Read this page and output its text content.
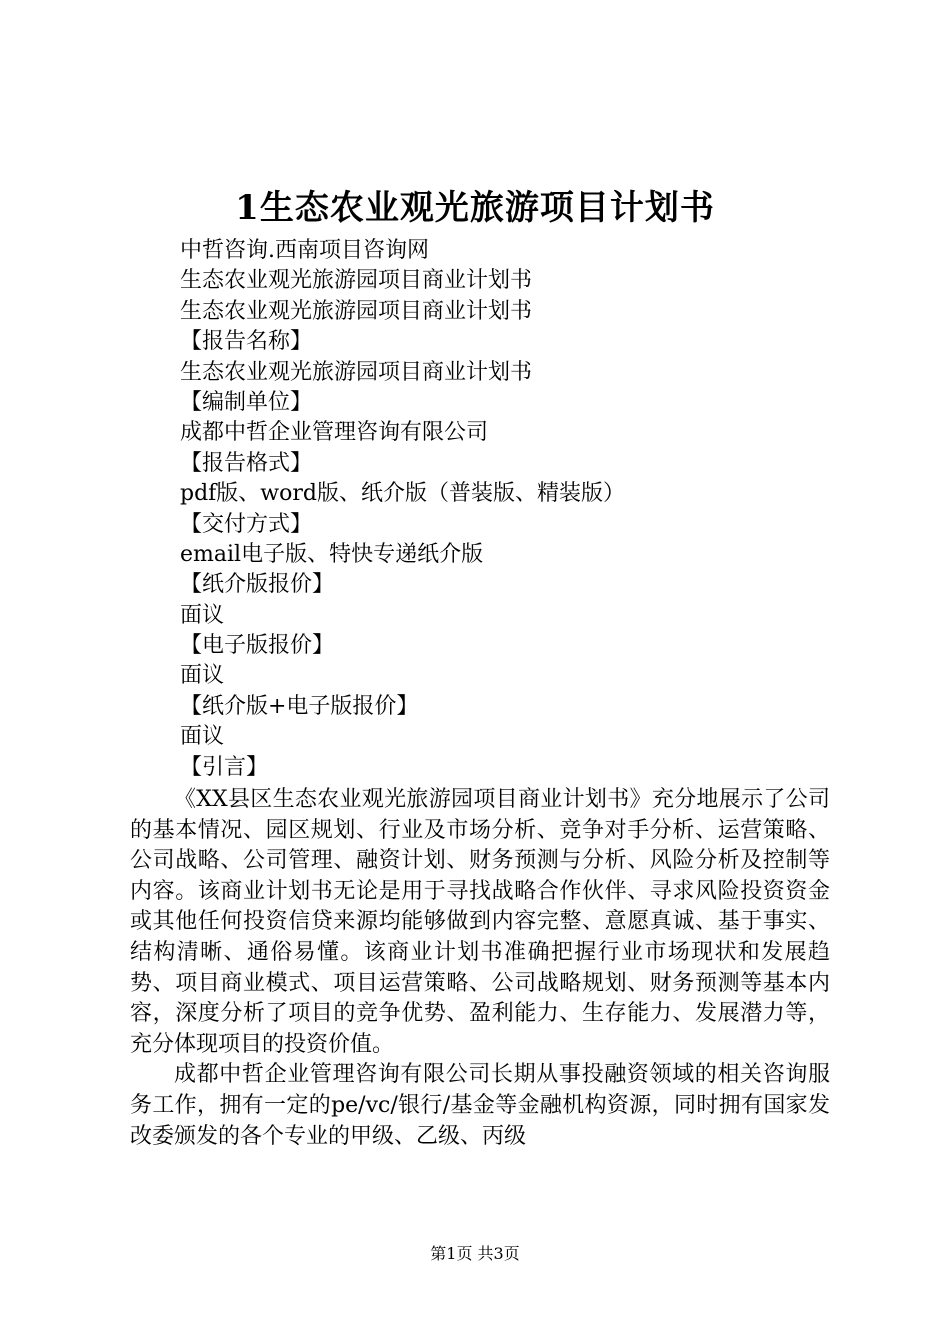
1生态农业观光旅游项目计划书
中哲咨询.西南项目咨询网
生态农业观光旅游园项目商业计划书
生态农业观光旅游园项目商业计划书
【报告名称】
生态农业观光旅游园项目商业计划书
【编制单位】
成都中哲企业管理咨询有限公司
【报告格式】
pdf版、word版、纸介版（普装版、精装版）
【交付方式】
email电子版、特快专递纸介版
【纸介版报价】
面议
【电子版报价】
面议
【纸介版+电子版报价】
面议
【引言】

《XX县区生态农业观光旅游园项目商业计划书》充分地展示了公司的基本情况、园区规划、行业及市场分析、竞争对手分析、运营策略、公司战略、公司管理、融资计划、财务预测与分析、风险分析及控制等内容。该商业计划书无论是用于寻找战略合作伙伴、寻求风险投资资金或其他任何投资信贷来源均能够做到内容完整、意愿真诚、基于事实、结构清晰、通俗易懂。该商业计划书准确把握行业市场现状和发展趋势、项目商业模式、项目运营策略、公司战略规划、财务预测等基本内容，深度分析了项目的竞争优势、盈利能力、生存能力、发展潜力等，充分体现项目的投资价值。

成都中哲企业管理咨询有限公司长期从事投融资领域的相关咨询服务工作，拥有一定的pe/vc/银行/基金等金融机构资源，同时拥有国家发改委颁发的各个专业的甲级、乙级、丙级

第1页 共3页
